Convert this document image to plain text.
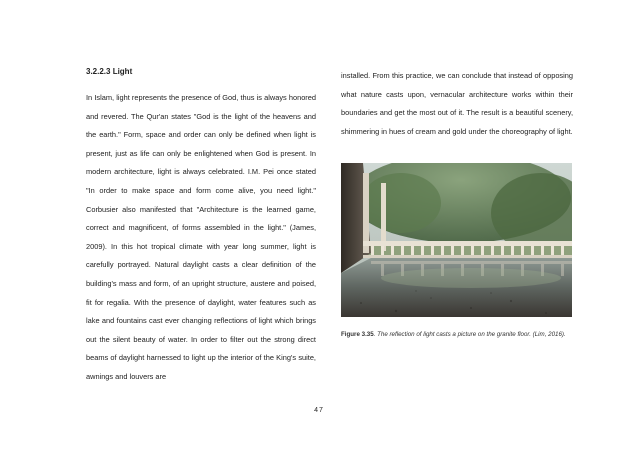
3.2.2.3 Light

In Islam, light represents the presence of God, thus is always honored and revered. The Qur'an states "God is the light of the heavens and the earth." Form, space and order can only be defined when light is present, just as life can only be enlightened when God is present. In modern architecture, light is always celebrated. I.M. Pei once stated "In order to make space and form come alive, you need light." Corbusier also manifested that "Architecture is the learned game, correct and magnificent, of forms assembled in the light." (James, 2009). In this hot tropical climate with year long summer, light is carefully portrayed. Natural daylight casts a clear definition of the building's mass and form, of an upright structure, austere and poised, fit for regalia. With the presence of daylight, water features such as lake and fountains cast ever changing reflections of light which brings out the silent beauty of water. In order to filter out the strong direct beams of daylight harnessed to light up the interior of the King's suite, awnings and louvers are

installed. From this practice, we can conclude that instead of opposing what nature casts upon, vernacular architecture works within their boundaries and get the most out of it. The result is a beautiful scenery, shimmering in hues of cream and gold under the choreography of light.

Figure 3.35. The reflection of light casts a picture on the granite floor. (Lim, 2016).
47
